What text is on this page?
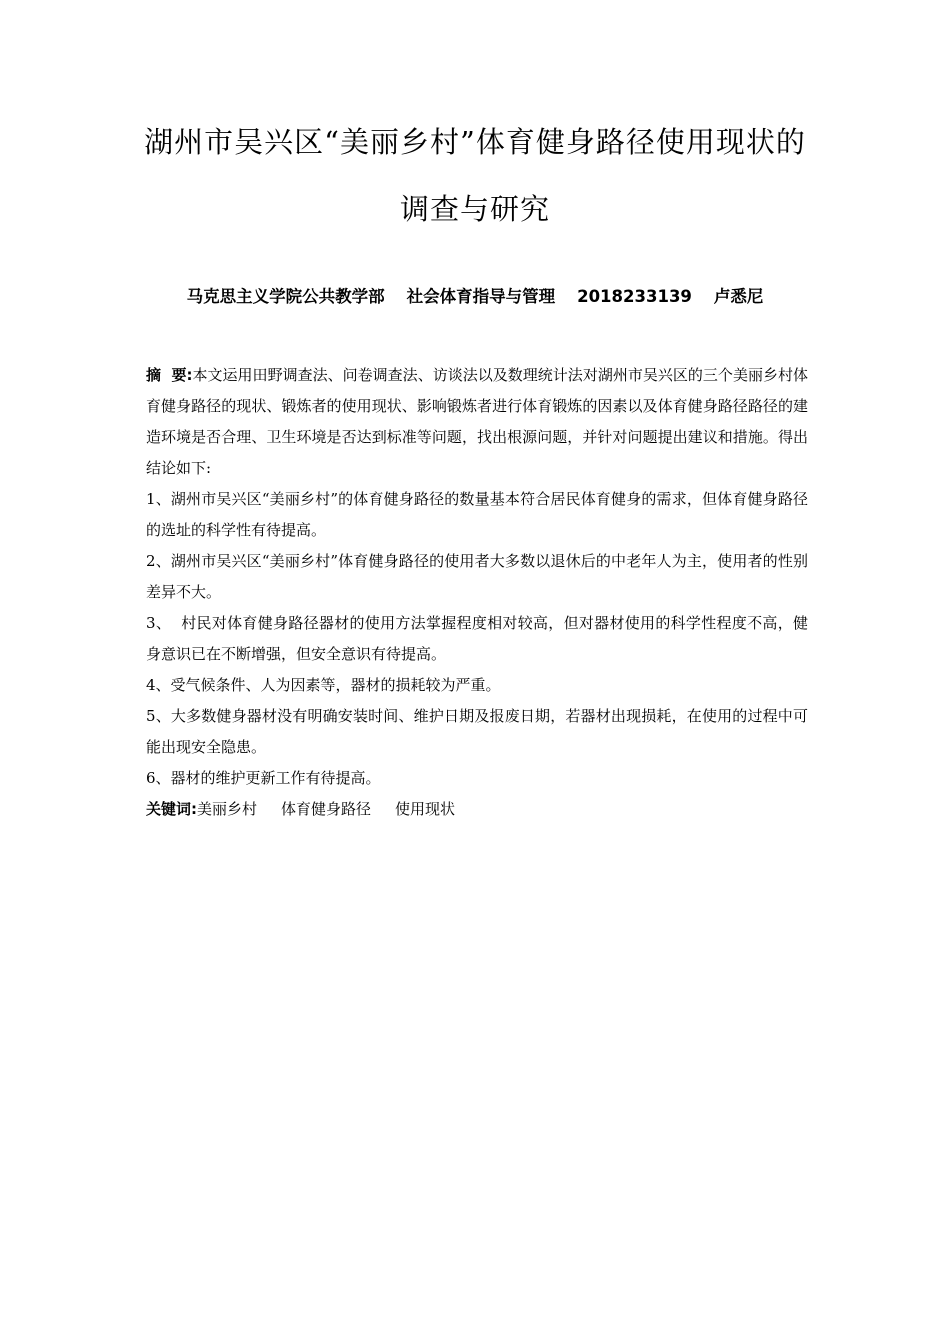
湖州市吴兴区“美丽乡村”体育健身路径使用现状的
调查与研究
马克思主义学院公共教学部 社会体育指导与管理 2018233139 卢悉尼

摘  要:本文运用田野调查法、问卷调查法、访谈法以及数理统计法对湖州市吴兴区的三个美丽乡村体育健身路径的现状、锻炼者的使用现状、影响锻炼者进行体育锻炼的因素以及体育健身路径路径的建造环境是否合理、卫生环境是否达到标准等问题，找出根源问题，并针对问题提出建议和措施。得出结论如下:

1、湖州市吴兴区“美丽乡村”的体育健身路径的数量基本符合居民体育健身的需求，但体育健身路径的选址的科学性有待提高。

2、湖州市吴兴区“美丽乡村”体育健身路径的使用者大多数以退休后的中老年人为主，使用者的性别差异不大。

3、  村民对体育健身路径器材的使用方法掌握程度相对较高，但对器材使用的科学性程度不高，健身意识已在不断增强，但安全意识有待提高。

4、受气候条件、人为因素等，器材的损耗较为严重。

5、大多数健身器材没有明确安装时间、维护日期及报废日期，若器材出现损耗，在使用的过程中可能出现安全隐患。

6、器材的维护更新工作有待提高。

关键词:美丽乡村 体育健身路径 使用现状
